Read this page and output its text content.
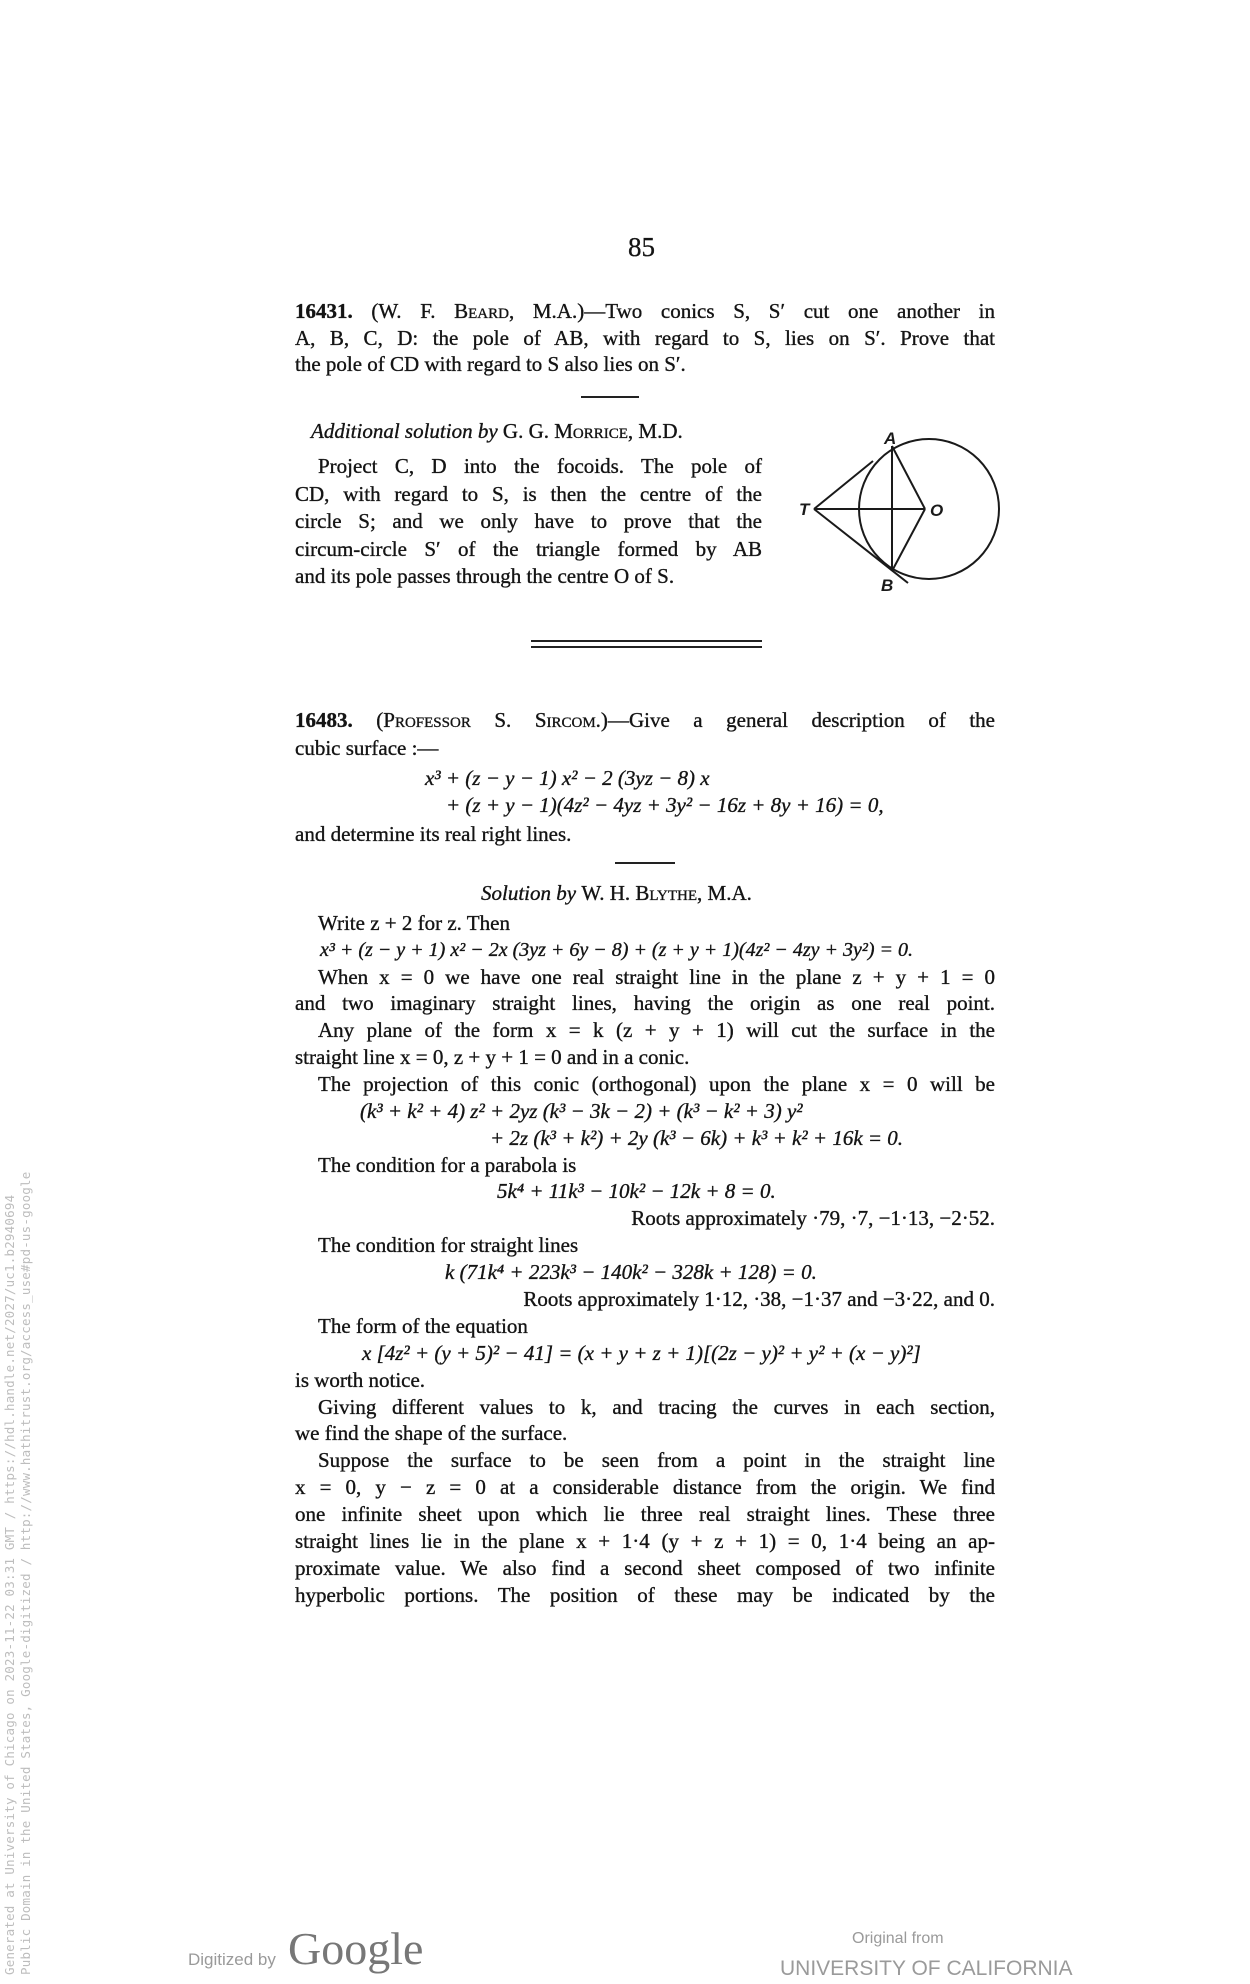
85
16431. (W. F. Beard, M.A.)—Two conics S, S′ cut one another in
A, B, C, D: the pole of AB, with regard to S, lies on S′. Prove that
the pole of CD with regard to S also lies on S′.
Additional solution by G. G. Morrice, M.D.
Project C, D into the focoids. The pole of
CD, with regard to S, is then the centre of the
circle S; and we only have to prove that the
circum-circle S′ of the triangle formed by AB
and its pole passes through the centre O of S.
A
T	O
B
16483. (Professor S. Sircom.)—Give a general description of the
cubic surface :—
x³ + (z − y − 1) x² − 2 (3yz − 8) x
+ (z + y − 1)(4z² − 4yz + 3y² − 16z + 8y + 16) = 0,
and determine its real right lines.
Solution by W. H. Blythe, M.A.
Write z + 2 for z. Then
x³ + (z − y + 1) x² − 2x (3yz + 6y − 8) + (z + y + 1)(4z² − 4zy + 3y²) = 0.
When x = 0 we have one real straight line in the plane z + y + 1 = 0
and two imaginary straight lines, having the origin as one real point.
Any plane of the form x = k (z + y + 1) will cut the surface in the
straight line x = 0, z + y + 1 = 0 and in a conic.
The projection of this conic (orthogonal) upon the plane x = 0 will be
(k³ + k² + 4) z² + 2yz (k³ − 3k − 2) + (k³ − k² + 3) y²
+ 2z (k³ + k²) + 2y (k³ − 6k) + k³ + k² + 16k = 0.
The condition for a parabola is
5k⁴ + 11k³ − 10k² − 12k + 8 = 0.
Roots approximately ·79, ·7, −1·13, −2·52.
The condition for straight lines
k (71k⁴ + 223k³ − 140k² − 328k + 128) = 0.
Roots approximately 1·12, ·38, −1·37 and −3·22, and 0.
The form of the equation
x [4z² + (y + 5)² − 41] = (x + y + z + 1)[(2z − y)² + y² + (x − y)²]
is worth notice.
Giving different values to k, and tracing the curves in each section,
we find the shape of the surface.
Suppose the surface to be seen from a point in the straight line
x = 0, y − z = 0 at a considerable distance from the origin. We find
one infinite sheet upon which lie three real straight lines. These three
straight lines lie in the plane x + 1·4 (y + z + 1) = 0, 1·4 being an ap-
proximate value. We also find a second sheet composed of two infinite
hyperbolic portions. The position of these may be indicated by the
Generated at University of Chicago on 2023-11-22 03:31 GMT / https://hdl.handle.net/2027/uc1.b2940694 Public Domain in the United States, Google-digitized / http://www.hathitrust.org/access_use#pd-us-google	Digitized by Google	Original from
UNIVERSITY OF CALIFORNIA
